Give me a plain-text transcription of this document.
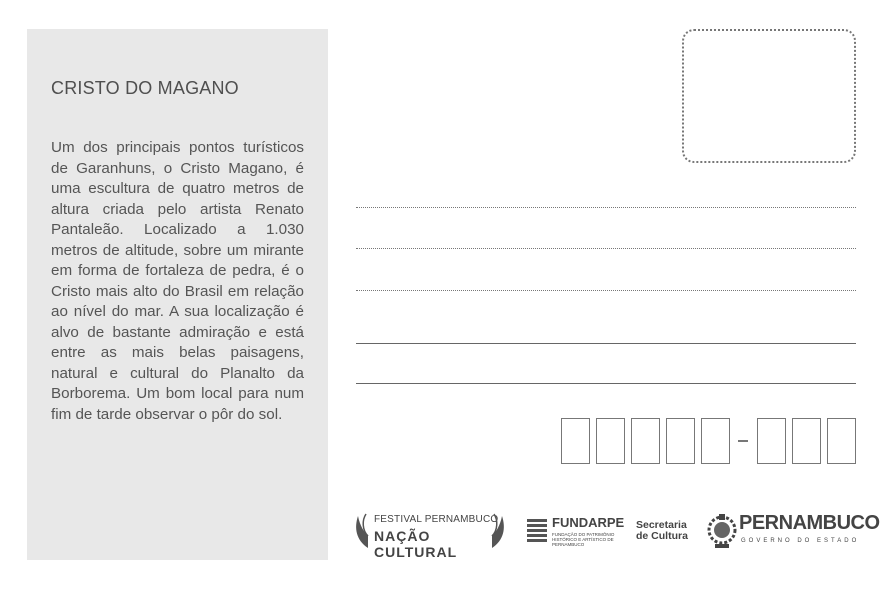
CRISTO DO MAGANO
Um dos principais pontos turísticos de Garanhuns, o Cristo Magano, é uma escultura de quatro metros de altura criada pelo artista Renato Pantaleão. Localizado a 1.030 metros de altitude, sobre um mirante em forma de fortaleza de pedra, é o Cristo mais alto do Brasil em relação ao nível do mar. A sua localização é alvo de bastante admiração e está entre as mais belas paisagens, natural e cultural do Planalto da Borborema. Um bom local para num fim de tarde observar o pôr do sol.
FESTIVAL PERNAMBUCO
NAÇÃO CULTURAL
FUNDARPE
FUNDAÇÃO DO PATRIMÔNIO HISTÓRICO E ARTÍSTICO DE PERNAMBUCO
Secretaria
de Cultura
PERNAMBUCO
GOVERNO DO ESTADO
